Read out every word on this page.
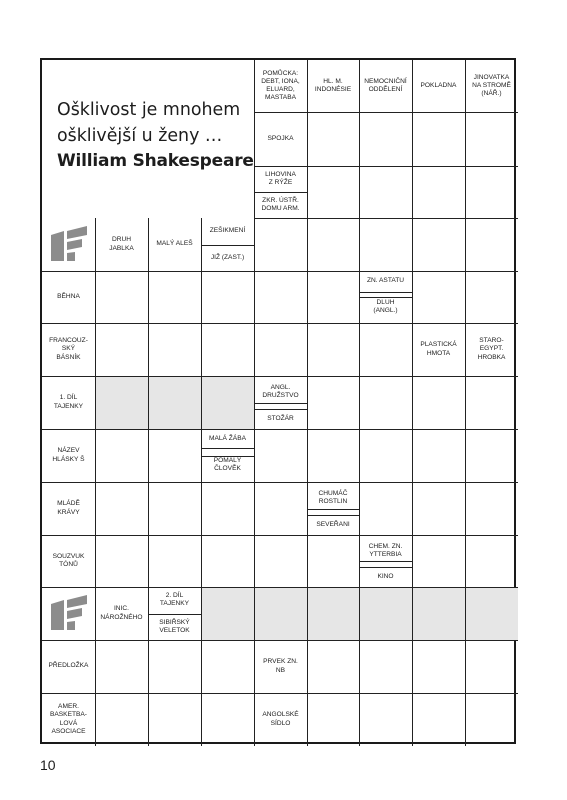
POMŮCKA:
DEBT, IONA,
ELUARD,
MASTABA
HL. M.
INDONÉSIE
NEMOCNIČNÍ
ODDĚLENÍ
POKLADNA
JINOVATKA
NA STROMĚ
(NÁŘ.)
SPOJKA
LIHOVINA
Z RÝŽE
ZKR. ÚSTŘ.
DOMU ARM.
DRUH
JABLKA
MALÝ ALEŠ
ZEŠIKMENÍ
JIŽ (ZAST.)
BĚHNA
ZN. ASTATU
DLUH
(ANGL.)
FRANCOUZ-
SKÝ
BÁSNÍK
PLASTICKÁ
HMOTA
STARO-
EGYPT.
HROBKA
1. DÍL
TAJENKY
ANGL.
DRUŽSTVO
STOŽÁR
NÁZEV
HLÁSKY Š
MALÁ ŽÁBA
POMALÝ
ČLOVĚK
MLÁDĚ
KRÁVY
CHUMÁČ
ROSTLIN
SEVEŘANI
SOUZVUK
TÓNŮ
CHEM. ZN.
YTTERBIA
KINO
INIC.
NÁROŽNÉHO
2. DÍL
TAJENKY
SIBIŘSKÝ
VELETOK
PŘEDLOŽKA
PRVEK ZN.
NB
AMER.
BASKETBA-
LOVÁ
ASOCIACE
ANGOLSKÉ
SÍDLO
Ošklivost je mnohem
ošklivější u ženy …
William Shakespeare
10
